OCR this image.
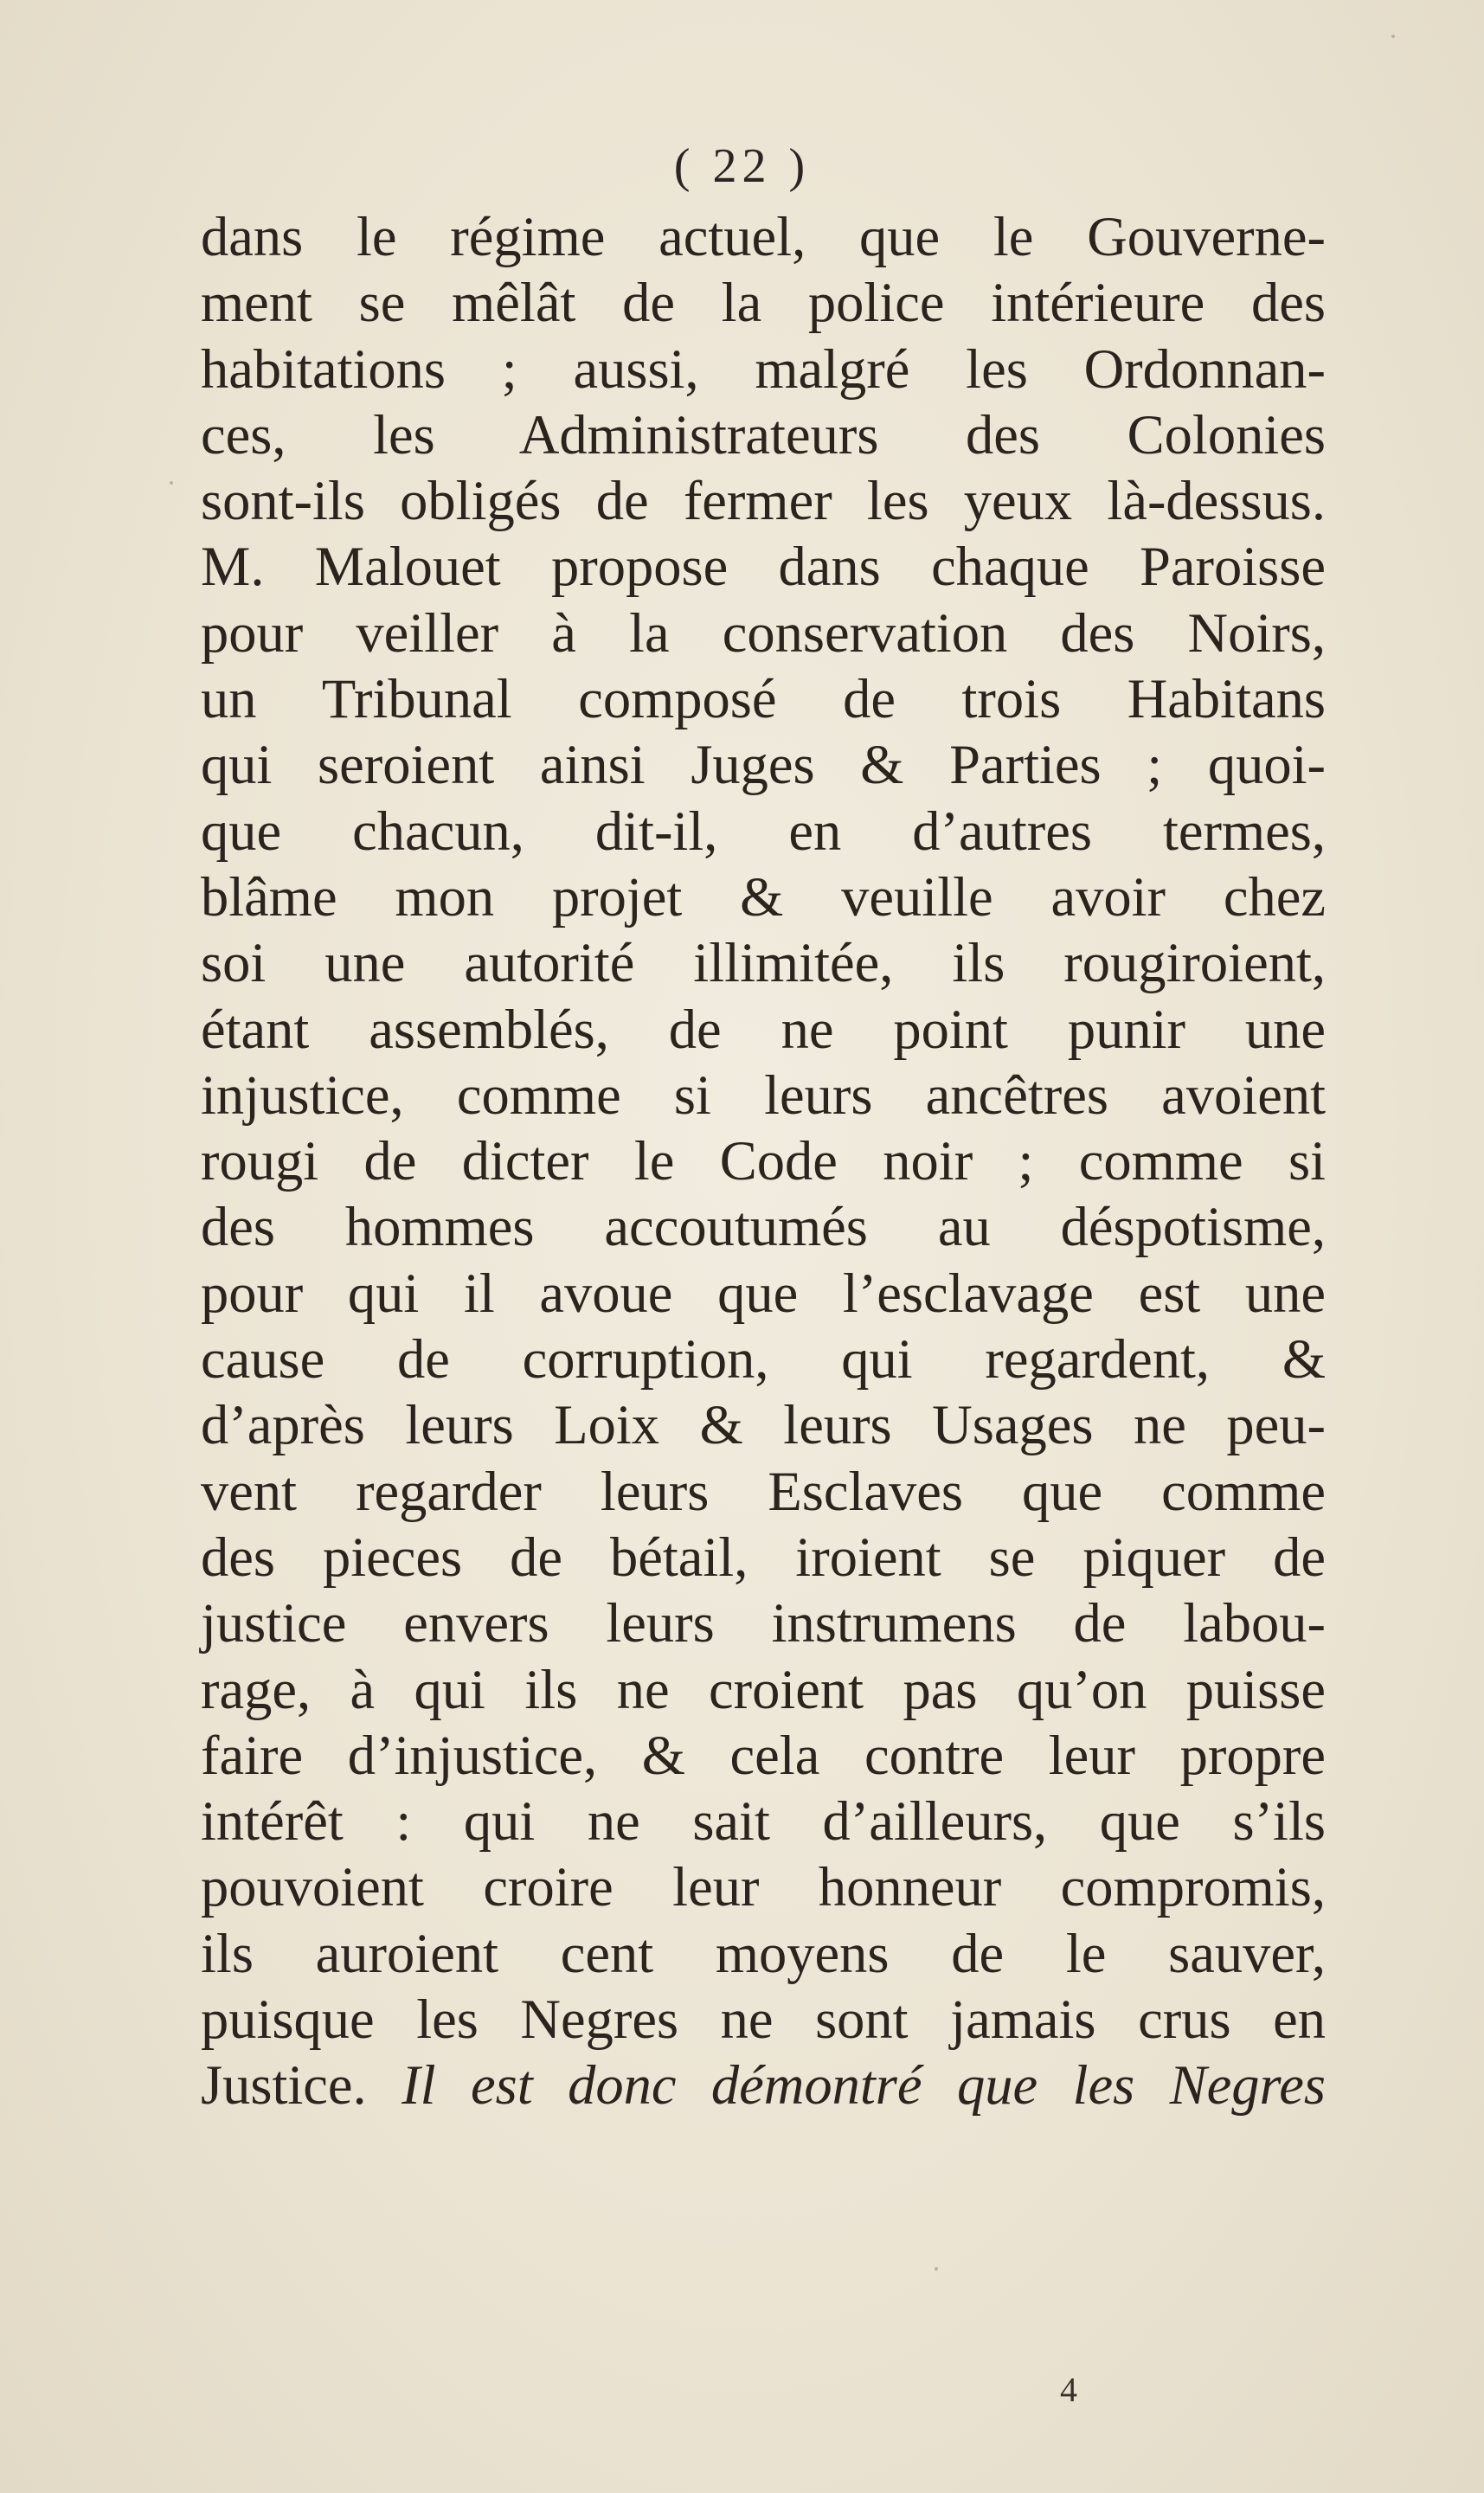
( 22 )
dans le régime actuel, que le Gouverne-
ment se mêlât de la police intérieure des
habitations ; aussi, malgré les Ordonnan-
ces, les Administrateurs des Colonies
sont-ils obligés de fermer les yeux là-dessus.
M. Malouet propose dans chaque Paroisse
pour veiller à la conservation des Noirs,
un Tribunal composé de trois Habitans
qui seroient ainsi Juges & Parties ; quoi-
que chacun, dit-il, en d’autres termes,
blâme mon projet & veuille avoir chez
soi une autorité illimitée, ils rougiroient,
étant assemblés, de ne point punir une
injustice, comme si leurs ancêtres avoient
rougi de dicter le Code noir ; comme si
des hommes accoutumés au déspotisme,
pour qui il avoue que l’esclavage est une
cause de corruption, qui regardent, &
d’après leurs Loix & leurs Usages ne peu-
vent regarder leurs Esclaves que comme
des pieces de bétail, iroient se piquer de
justice envers leurs instrumens de labou-
rage, à qui ils ne croient pas qu’on puisse
faire d’injustice, & cela contre leur propre
intérêt : qui ne sait d’ailleurs, que s’ils
pouvoient croire leur honneur compromis,
ils auroient cent moyens de le sauver,
puisque les Negres ne sont jamais crus en
Justice. Il est donc démontré que les Negres
4
